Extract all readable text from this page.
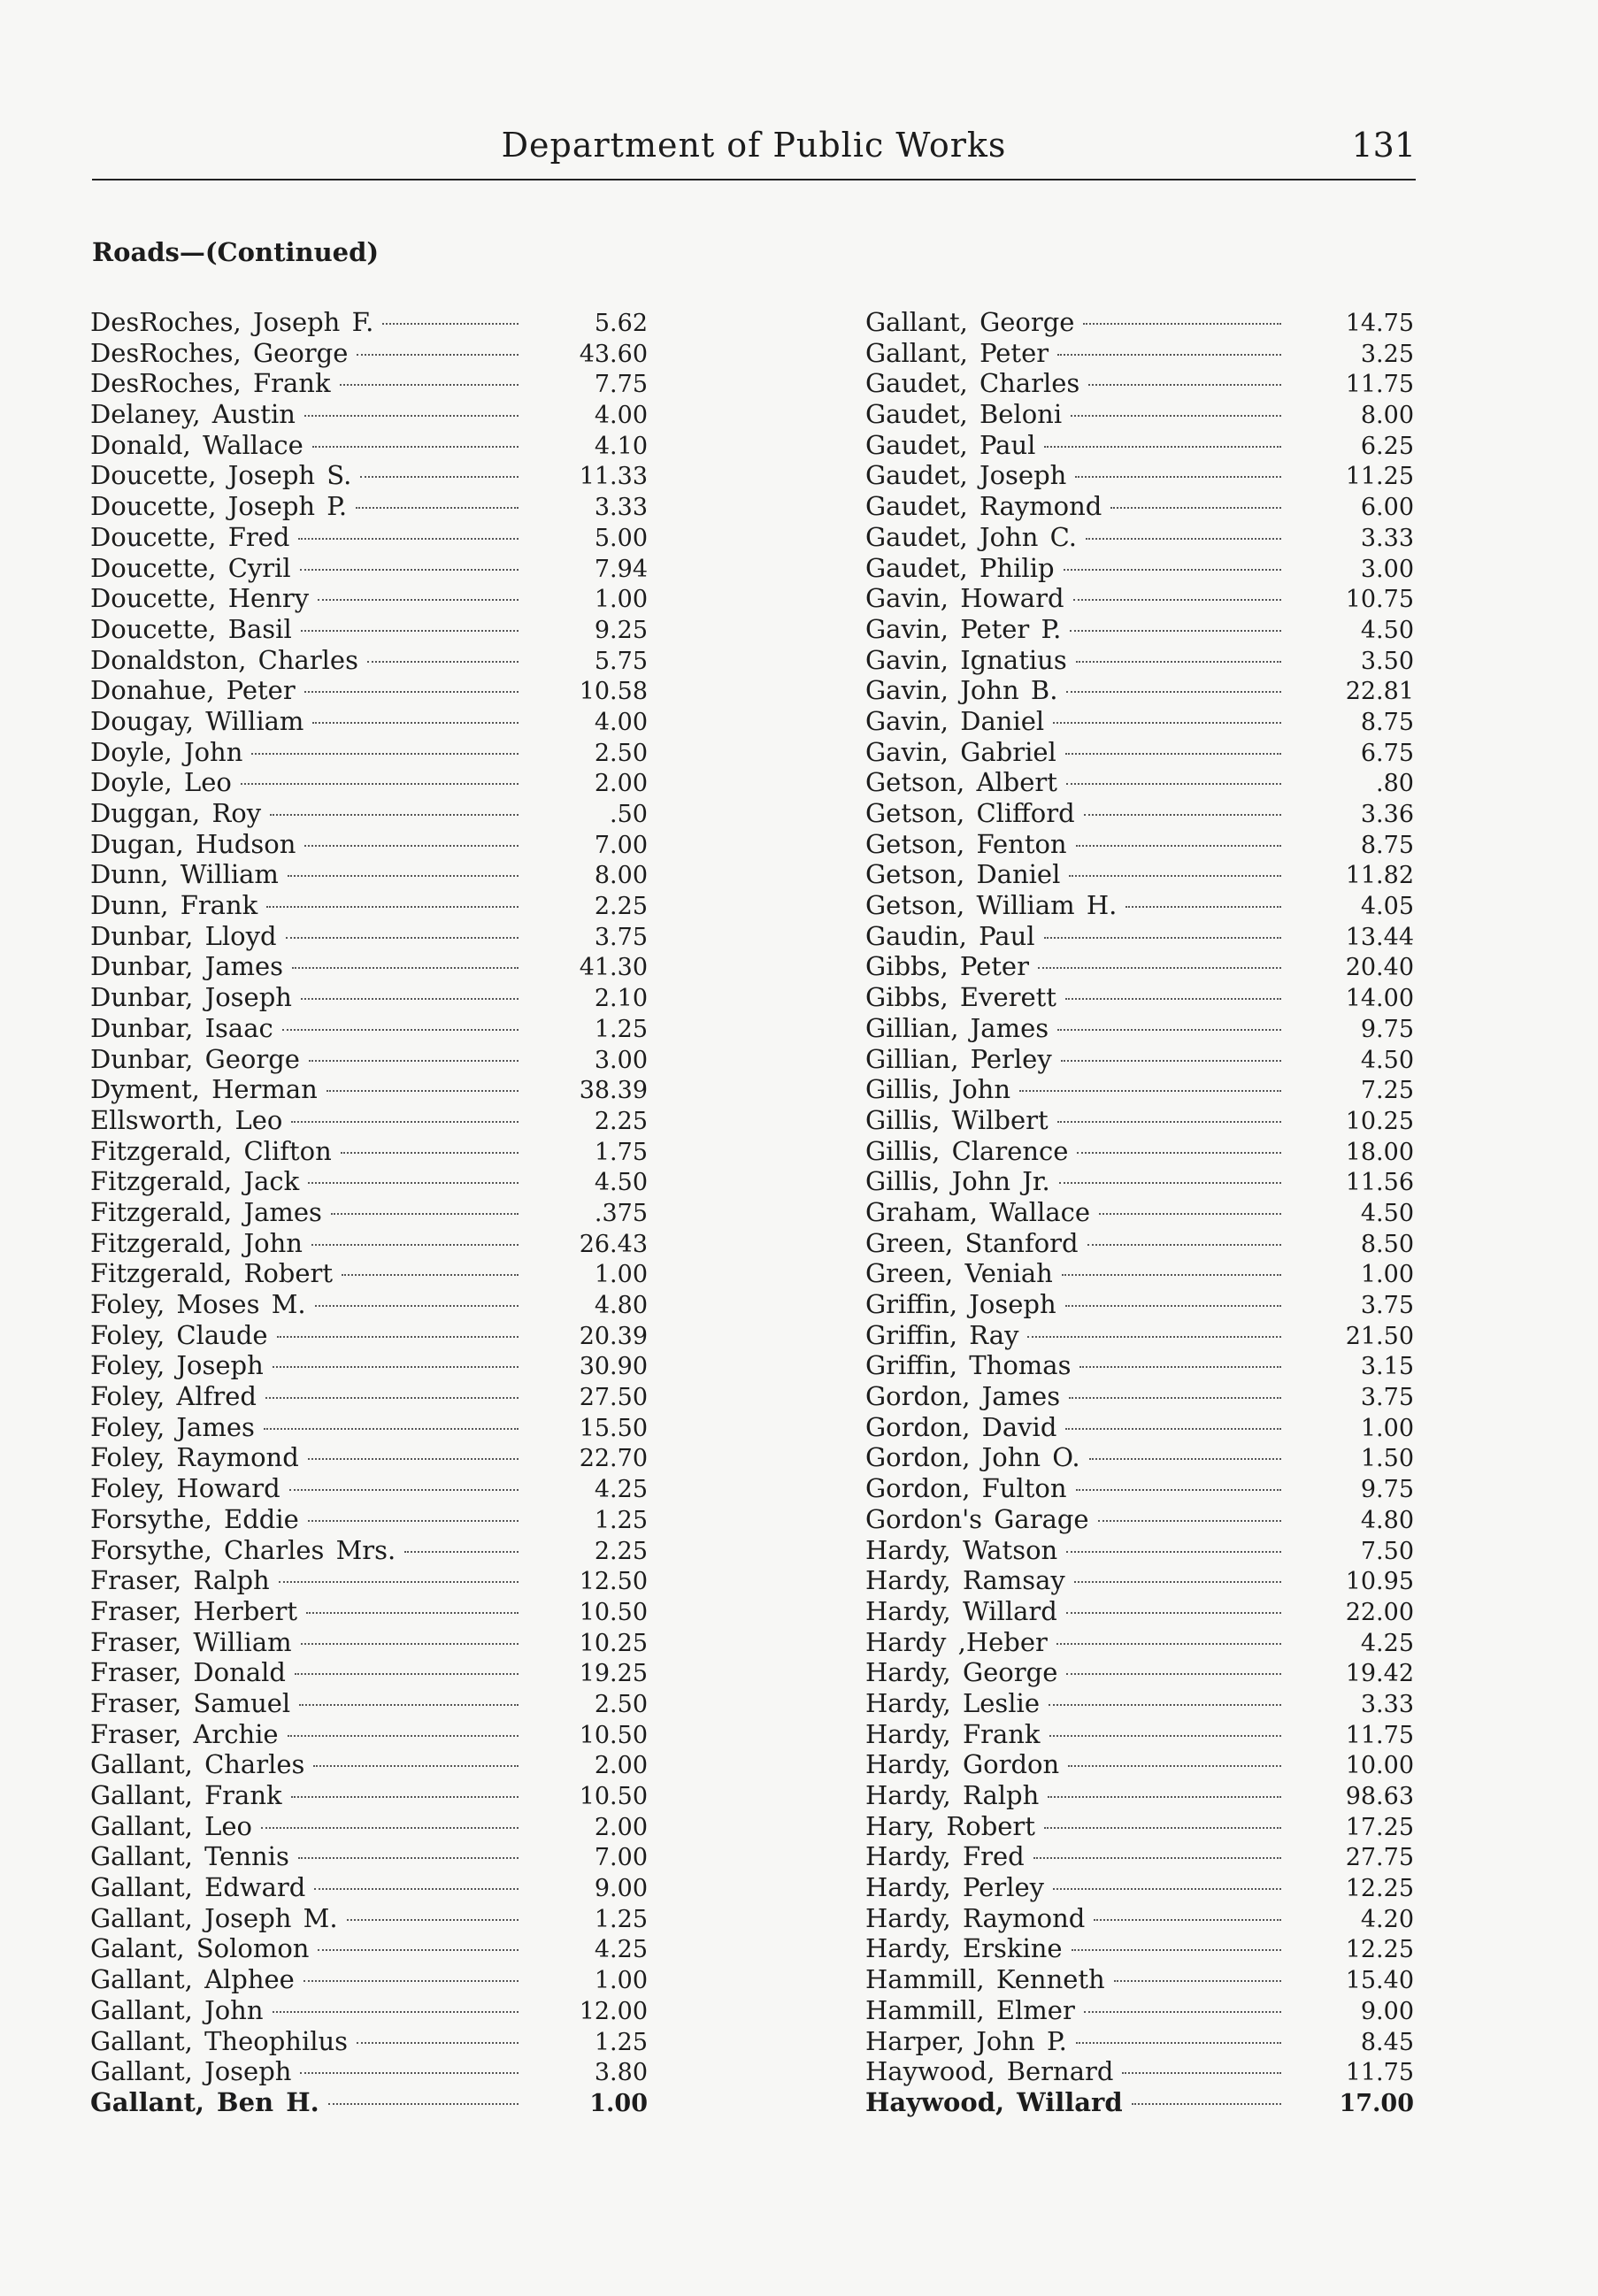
Department of Public Works	131
Roads—(Continued)
DesRoches, Joseph F.	5.62
DesRoches, George	43.60
DesRoches, Frank	7.75
Delaney, Austin	4.00
Donald, Wallace	4.10
Doucette, Joseph S.	11.33
Doucette, Joseph P.	3.33
Doucette, Fred	5.00
Doucette, Cyril	7.94
Doucette, Henry	1.00
Doucette, Basil	9.25
Donaldston, Charles	5.75
Donahue, Peter	10.58
Dougay, William	4.00
Doyle, John	2.50
Doyle, Leo	2.00
Duggan, Roy	.50
Dugan, Hudson	7.00
Dunn, William	8.00
Dunn, Frank	2.25
Dunbar, Lloyd	3.75
Dunbar, James	41.30
Dunbar, Joseph	2.10
Dunbar, Isaac	1.25
Dunbar, George	3.00
Dyment, Herman	38.39
Ellsworth, Leo	2.25
Fitzgerald, Clifton	1.75
Fitzgerald, Jack	4.50
Fitzgerald, James	.375
Fitzgerald, John	26.43
Fitzgerald, Robert	1.00
Foley, Moses M.	4.80
Foley, Claude	20.39
Foley, Joseph	30.90
Foley, Alfred	27.50
Foley, James	15.50
Foley, Raymond	22.70
Foley, Howard	4.25
Forsythe, Eddie	1.25
Forsythe, Charles Mrs.	2.25
Fraser, Ralph	12.50
Fraser, Herbert	10.50
Fraser, William	10.25
Fraser, Donald	19.25
Fraser, Samuel	2.50
Fraser, Archie	10.50
Gallant, Charles	2.00
Gallant, Frank	10.50
Gallant, Leo	2.00
Gallant, Tennis	7.00
Gallant, Edward	9.00
Gallant, Joseph M.	1.25
Galant, Solomon	4.25
Gallant, Alphee	1.00
Gallant, John	12.00
Gallant, Theophilus	1.25
Gallant, Joseph	3.80
Gallant, Ben H.	1.00
Gallant, George	14.75
Gallant, Peter	3.25
Gaudet, Charles	11.75
Gaudet, Beloni	8.00
Gaudet, Paul	6.25
Gaudet, Joseph	11.25
Gaudet, Raymond	6.00
Gaudet, John C.	3.33
Gaudet, Philip	3.00
Gavin, Howard	10.75
Gavin, Peter P.	4.50
Gavin, Ignatius	3.50
Gavin, John B.	22.81
Gavin, Daniel	8.75
Gavin, Gabriel	6.75
Getson, Albert	.80
Getson, Clifford	3.36
Getson, Fenton	8.75
Getson, Daniel	11.82
Getson, William H.	4.05
Gaudin, Paul	13.44
Gibbs, Peter	20.40
Gibbs, Everett	14.00
Gillian, James	9.75
Gillian, Perley	4.50
Gillis, John	7.25
Gillis, Wilbert	10.25
Gillis, Clarence	18.00
Gillis, John Jr.	11.56
Graham, Wallace	4.50
Green, Stanford	8.50
Green, Veniah	1.00
Griffin, Joseph	3.75
Griffin, Ray	21.50
Griffin, Thomas	3.15
Gordon, James	3.75
Gordon, David	1.00
Gordon, John O.	1.50
Gordon, Fulton	9.75
Gordon's Garage	4.80
Hardy, Watson	7.50
Hardy, Ramsay	10.95
Hardy, Willard	22.00
Hardy ,Heber	4.25
Hardy, George	19.42
Hardy, Leslie	3.33
Hardy, Frank	11.75
Hardy, Gordon	10.00
Hardy, Ralph	98.63
Hary, Robert	17.25
Hardy, Fred	27.75
Hardy, Perley	12.25
Hardy, Raymond	4.20
Hardy, Erskine	12.25
Hammill, Kenneth	15.40
Hammill, Elmer	9.00
Harper, John P.	8.45
Haywood, Bernard	11.75
Haywood, Willard	17.00
